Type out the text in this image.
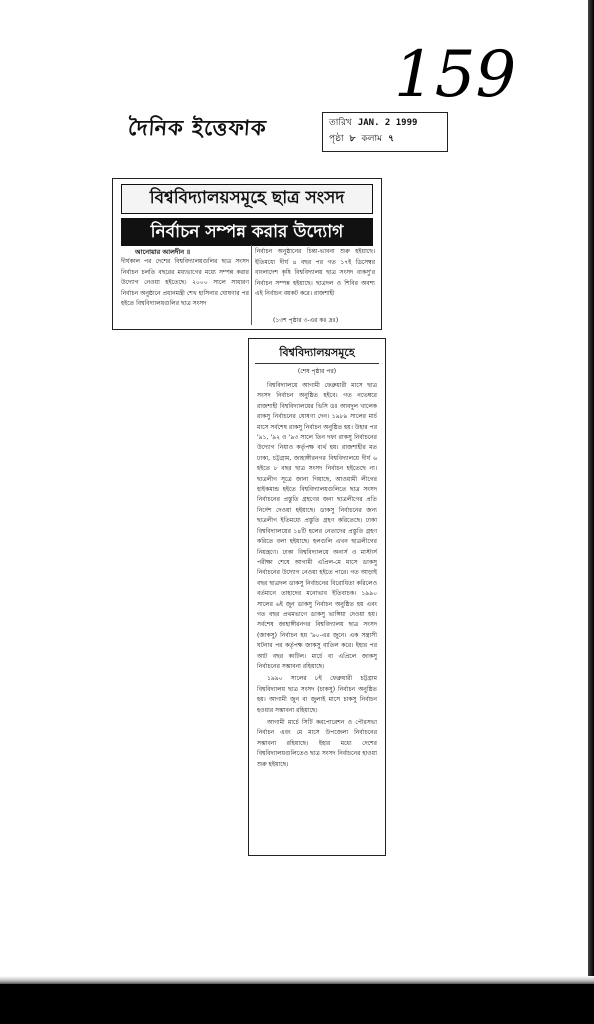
159
দৈনিক ইত্তেফাক	তারিখ JAN. 2 1999
পৃষ্ঠা ৮ কলাম ৭
বিশ্ববিদ্যালয়সমূহে ছাত্র সংসদ
নির্বাচন সম্পন্ন করার উদ্যোগ
আনোয়ার আলদীন ॥
দীর্ঘকাল পর দেশের বিশ্ববিদ্যালয়গুলির ছাত্র সংসদ নির্বাচন চলতি বছরের মধ্যভাগের মধ্যে সম্পন্ন করার উদ্যোগ নেওয়া হইতেছে। ২০০০ সালে সাধারণ নির্বাচন অনুষ্ঠানে প্রধানমন্ত্রী শেখ হাসিনার ঘোষণার পর হইতে বিশ্ববিদ্যালয়গুলির ছাত্র সংসদ
নির্বাচন অনুষ্ঠানের চিন্তা-ভাবনা শুরু হইয়াছে। ইতিমধ্যে দীর্ঘ ৪ বছর পর গত ১৭ই ডিসেম্বর বাংলাদেশ কৃষি বিশ্ববিদ্যালয় ছাত্র সংসদ বাকসু'র নির্বাচন সম্পন্ন হইয়াছে। ছাত্রদল ও শিবির অবশ্য এই নির্বাচন বয়কট করে। রাজশাহী
(১৩শ পৃষ্ঠার ৩-এর কঃ দ্রঃ)
বিশ্ববিদ্যালয়সমূহে
(শেষ পৃষ্ঠার পর)

বিশ্ববিদ্যালয়ে আগামী ফেব্রুয়ারী মাসে ছাত্র সংসদ নির্বাচন অনুষ্ঠিত হইবে। গত নভেম্বরে রাজশাহী বিশ্ববিদ্যালয়ের ভিসি ডঃ আবদুল খালেক রাকসু নির্বাচনের ঘোষণা দেন। ১৯৮৯ সালের মার্চ মাসে সর্বশেষ রাকসু নির্বাচন অনুষ্ঠিত হয়। উহার পর '৯১, '৯২ ও '৯৩ সালে তিন দফা রাকসু নির্বাচনের উদ্যোগ নিয়াও কর্তৃপক্ষ ব্যর্থ হয়। রাজশাহীর মত ঢাকা, চট্টগ্রাম, জাহাঙ্গীরনগর বিশ্ববিদ্যালয়ে দীর্ঘ ৬ হইতে ৮ বছর ছাত্র সংসদ নির্বাচন হইতেছে না। ছাত্রলীগ সূত্রে জানা গিয়াছে, আওয়ামী লীগের হাইকমান্ড হইতে বিশ্ববিদ্যালয়গুলিতে ছাত্র সংসদ নির্বাচনের প্রস্তুতি গ্রহণের জন্য ছাত্রলীগের প্রতি নির্দেশ দেওয়া হইয়াছে। ডাকসু নির্বাচনের জন্য ছাত্রলীগ ইতিমধ্যে প্রস্তুতি গ্রহণ করিতেছে। ঢাকা বিশ্ববিদ্যালয়ের ১৪টি হলের নেতাদের প্রস্তুতি গ্রহণ করিতে বলা হইয়াছে। হলগুলি এখন ছাত্রলীগের নিয়ন্ত্রণে। ঢাকা বিশ্ববিদ্যালয়ে অনার্স ও মাস্টার্স পরীক্ষা শেষে আগামী এপ্রিল-মে মাসে ডাকসু নির্বাচনের উদ্যোগ নেওয়া হইতে পারে। গত আড়াই বছর ছাত্রদল ডাকসু নির্বাচনের বিরোধিতা করিলেও বর্তমানে তাহাদের মনোভাব ইতিবাচক। ১৯৯০ সালের ৬ই জুন ডাকসু নির্বাচন অনুষ্ঠিত হয় এবং গত বছর প্রথমভাগে ডাকসু ভাঙ্গিয়া দেওয়া হয়। সর্বশেষ জাহাঙ্গীরনগর বিশ্ববিদ্যালয় ছাত্র সংসদ (জাকসু) নির্বাচন হয় '৯০-এর জুনে। এক সন্ত্রাসী ঘটনার পর কর্তৃপক্ষ জাকসু বাতিল করে। ইহার পর আট বছর কাটিল। মার্চে বা এপ্রিলে জাকসু নির্বাচনের সম্ভাবনা রহিয়াছে।

১৯৯০ সালের ৮ই ফেব্রুয়ারী চট্টগ্রাম বিশ্ববিদ্যালয় ছাত্র সংসদ (চাকসু) নির্বাচন অনুষ্ঠিত হয়। আগামী জুন বা জুলাই মাসে চাকসু নির্বাচন হওয়ার সম্ভাবনা রহিয়াছে।

আগামী মার্চে সিটি করপোরেশন ও পৌরসভা নির্বাচন এবং মে মাসে উপজেলা নির্বাচনের সম্ভাবনা রহিয়াছে। ইহার মধ্যে দেশের বিশ্ববিদ্যালয়গুলিতেও ছাত্র সংসদ নির্বাচনের হাওয়া শুরু হইয়াছে।
